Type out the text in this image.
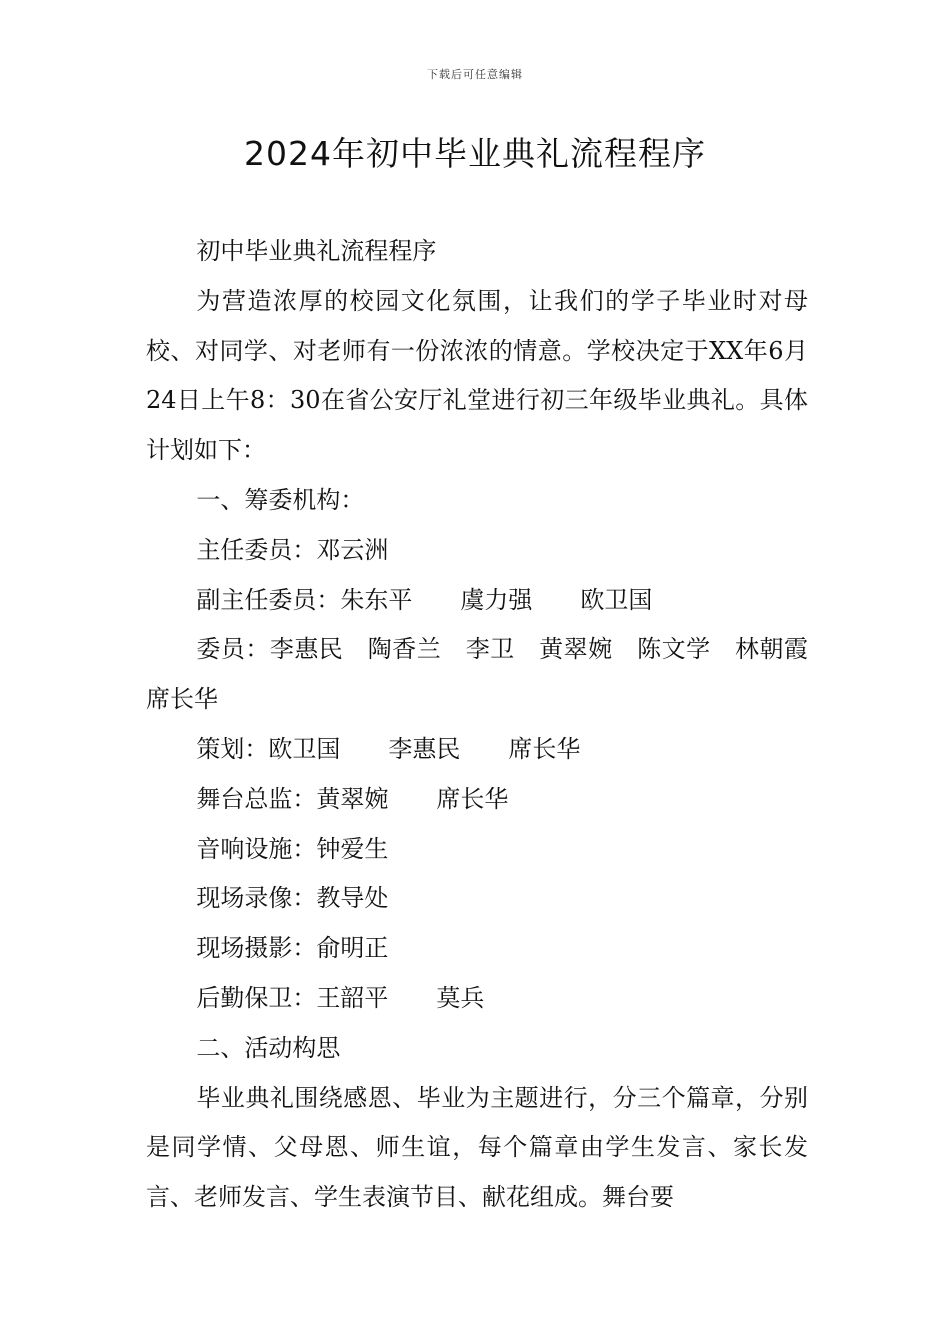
下载后可任意编辑
2024年初中毕业典礼流程程序

初中毕业典礼流程程序

为营造浓厚的校园文化氛围，让我们的学子毕业时对母校、对同学、对老师有一份浓浓的情意。学校决定于XX年6月24日上午8：30在省公安厅礼堂进行初三年级毕业典礼。具体计划如下：

一、筹委机构：

主任委员：邓云洲

副主任委员：朱东平　　虞力强　　欧卫国

委员：李惠民　陶香兰　李卫　黄翠婉　陈文学　林朝霞　席长华

策划：欧卫国　　李惠民　　席长华

舞台总监：黄翠婉　　席长华

音响设施：钟爱生

现场录像：教导处

现场摄影：俞明正

后勤保卫：王韶平　　莫兵

二、活动构思

毕业典礼围绕感恩、毕业为主题进行，分三个篇章，分别是同学情、父母恩、师生谊，每个篇章由学生发言、家长发言、老师发言、学生表演节目、献花组成。舞台要
